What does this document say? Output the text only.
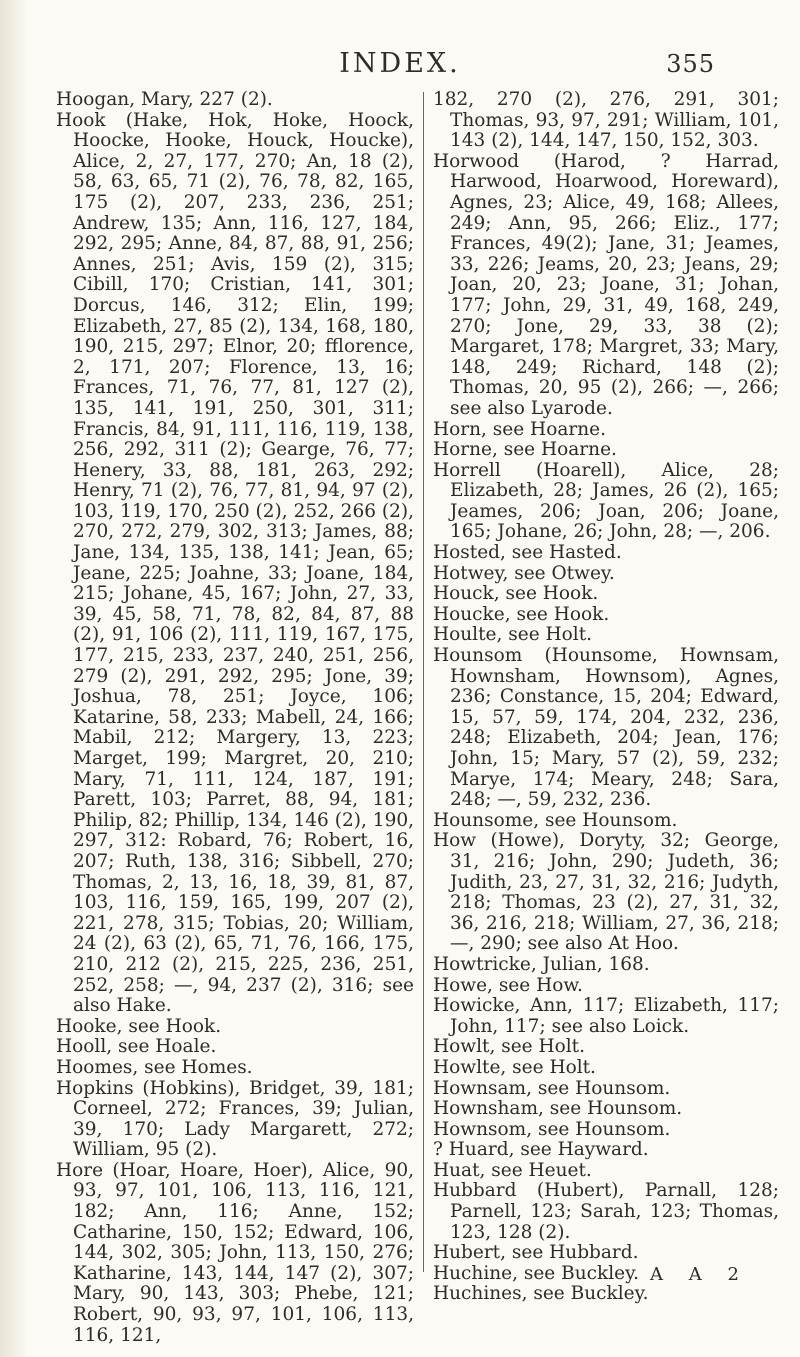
INDEX.	355

Hoogan, Mary, 227 (2).

Hook (Hake, Hok, Hoke, Hoock, Hoocke, Hooke, Houck, Houcke), Alice, 2, 27, 177, 270; An, 18 (2), 58, 63, 65, 71 (2), 76, 78, 82, 165, 175 (2), 207, 233, 236, 251; Andrew, 135; Ann, 116, 127, 184, 292, 295; Anne, 84, 87, 88, 91, 256; Annes, 251; Avis, 159 (2), 315; Cibill, 170; Cristian, 141, 301; Dorcus, 146, 312; Elin, 199; Elizabeth, 27, 85 (2), 134, 168, 180, 190, 215, 297; Elnor, 20; fflorence, 2, 171, 207; Florence, 13, 16; Frances, 71, 76, 77, 81, 127 (2), 135, 141, 191, 250, 301, 311; Francis, 84, 91, 111, 116, 119, 138, 256, 292, 311 (2); Gearge, 76, 77; Henery, 33, 88, 181, 263, 292; Henry, 71 (2), 76, 77, 81, 94, 97 (2), 103, 119, 170, 250 (2), 252, 266 (2), 270, 272, 279, 302, 313; James, 88; Jane, 134, 135, 138, 141; Jean, 65; Jeane, 225; Joahne, 33; Joane, 184, 215; Johane, 45, 167; John, 27, 33, 39, 45, 58, 71, 78, 82, 84, 87, 88 (2), 91, 106 (2), 111, 119, 167, 175, 177, 215, 233, 237, 240, 251, 256, 279 (2), 291, 292, 295; Jone, 39; Joshua, 78, 251; Joyce, 106; Katarine, 58, 233; Mabell, 24, 166; Mabil, 212; Margery, 13, 223; Marget, 199; Margret, 20, 210; Mary, 71, 111, 124, 187, 191; Parett, 103; Parret, 88, 94, 181; Philip, 82; Phillip, 134, 146 (2), 190, 297, 312: Robard, 76; Robert, 16, 207; Ruth, 138, 316; Sibbell, 270; Thomas, 2, 13, 16, 18, 39, 81, 87, 103, 116, 159, 165, 199, 207 (2), 221, 278, 315; Tobias, 20; William, 24 (2), 63 (2), 65, 71, 76, 166, 175, 210, 212 (2), 215, 225, 236, 251, 252, 258; —, 94, 237 (2), 316; see also Hake.

Hooke, see Hook.

Hooll, see Hoale.

Hoomes, see Homes.

Hopkins (Hobkins), Bridget, 39, 181; Corneel, 272; Frances, 39; Julian, 39, 170; Lady Margarett, 272; William, 95 (2).

Hore (Hoar, Hoare, Hoer), Alice, 90, 93, 97, 101, 106, 113, 116, 121, 182; Ann, 116; Anne, 152; Catharine, 150, 152; Edward, 106, 144, 302, 305; John, 113, 150, 276; Katharine, 143, 144, 147 (2), 307; Mary, 90, 143, 303; Phebe, 121; Robert, 90, 93, 97, 101, 106, 113, 116, 121,

182, 270 (2), 276, 291, 301; Thomas, 93, 97, 291; William, 101, 143 (2), 144, 147, 150, 152, 303.

Horwood (Harod, ? Harrad, Harwood, Hoarwood, Horeward), Agnes, 23; Alice, 49, 168; Allees, 249; Ann, 95, 266; Eliz., 177; Frances, 49(2); Jane, 31; Jeames, 33, 226; Jeams, 20, 23; Jeans, 29; Joan, 20, 23; Joane, 31; Johan, 177; John, 29, 31, 49, 168, 249, 270; Jone, 29, 33, 38 (2); Margaret, 178; Margret, 33; Mary, 148, 249; Richard, 148 (2); Thomas, 20, 95 (2), 266; —, 266; see also Lyarode.

Horn, see Hoarne.

Horne, see Hoarne.

Horrell (Hoarell), Alice, 28; Elizabeth, 28; James, 26 (2), 165; Jeames, 206; Joan, 206; Joane, 165; Johane, 26; John, 28; —, 206.

Hosted, see Hasted.

Hotwey, see Otwey.

Houck, see Hook.

Houcke, see Hook.

Houlte, see Holt.

Hounsom (Hounsome, Hownsam, Hownsham, Hownsom), Agnes, 236; Constance, 15, 204; Edward, 15, 57, 59, 174, 204, 232, 236, 248; Elizabeth, 204; Jean, 176; John, 15; Mary, 57 (2), 59, 232; Marye, 174; Meary, 248; Sara, 248; —, 59, 232, 236.

Hounsome, see Hounsom.

How (Howe), Doryty, 32; George, 31, 216; John, 290; Judeth, 36; Judith, 23, 27, 31, 32, 216; Judyth, 218; Thomas, 23 (2), 27, 31, 32, 36, 216, 218; William, 27, 36, 218; —, 290; see also At Hoo.

Howtricke, Julian, 168.

Howe, see How.

Howicke, Ann, 117; Elizabeth, 117; John, 117; see also Loick.

Howlt, see Holt.

Howlte, see Holt.

Hownsam, see Hounsom.

Hownsham, see Hounsom.

Hownsom, see Hounsom.

? Huard, see Hayward.

Huat, see Heuet.

Hubbard (Hubert), Parnall, 128; Parnell, 123; Sarah, 123; Thomas, 123, 128 (2).

Hubert, see Hubbard.

Huchine, see Buckley.

Huchines, see Buckley.

A A 2
